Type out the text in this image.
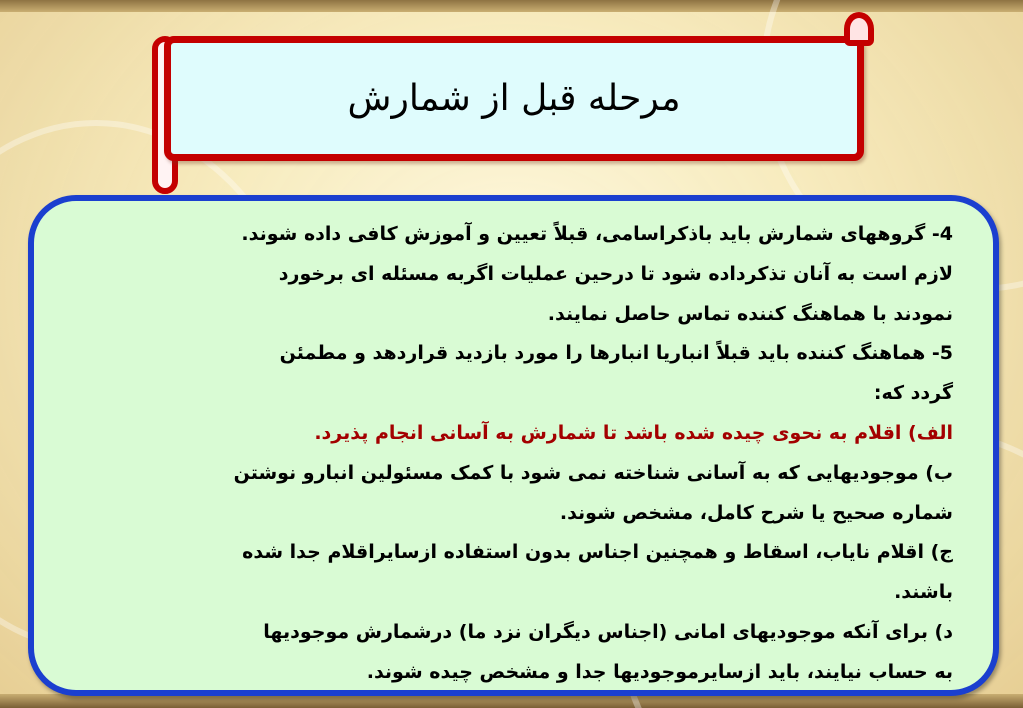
مرحله قبل از شمارش
4- گروههای شمارش باید باذکراسامی، قبلاً تعیین و آموزش کافی داده شوند.
لازم است به آنان تذکرداده شود تا درحین عملیات اگربه مسئله ای برخورد
نمودند با هماهنگ کننده تماس حاصل نمایند.
5- هماهنگ کننده باید قبلاً انباریا انبارها را مورد بازدید قراردهد و مطمئن
گردد که:
الف) اقلام به نحوی چیده شده باشد تا شمارش به آسانی انجام پذیرد.
ب) موجودیهایی که به آسانی شناخته نمی شود با کمک مسئولین انبارو نوشتن
شماره صحیح یا شرح کامل، مشخص شوند.
ج) اقلام نایاب، اسقاط و همچنین اجناس بدون استفاده ازسایراقلام جدا شده
باشند.
د) برای آنکه موجودیهای امانی (اجناس دیگران نزد ما) درشمارش موجودیها
به حساب نیایند، باید ازسایرموجودیها جدا و مشخص چیده شوند.
